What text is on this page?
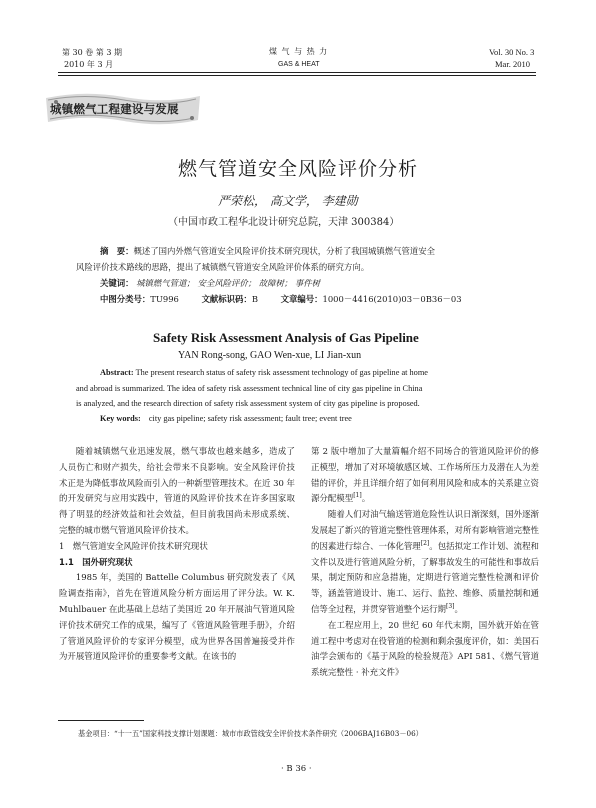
第 30 卷 第 3 期
2010 年 3 月
煤 气 与 热 力
GAS & HEAT
Vol. 30 No. 3
Mar. 2010
城镇燃气工程建设与发展
燃气管道安全风险评价分析
严荣松， 高文学， 李建勋
（中国市政工程华北设计研究总院，天津 300384）
摘　要：概述了国内外燃气管道安全风险评价技术研究现状，分析了我国城镇燃气管道安全
风险评价技术路线的思路，提出了城镇燃气管道安全风险评价体系的研究方向。
关键词： 城镇燃气管道； 安全风险评价； 故障树； 事件树
中图分类号：TU996	文献标识码：B	文章编号：1000－4416(2010)03－0B36－03
Safety Risk Assessment Analysis of Gas Pipeline
YAN Rong-song, GAO Wen-xue, LI Jian-xun
Abstract: The present research status of safety risk assessment technology of gas pipeline at home
and abroad is summarized. The idea of safety risk assessment technical line of city gas pipeline in China
is analyzed, and the research direction of safety risk assessment system of city gas pipeline is proposed.
Key words: city gas pipeline; safety risk assessment; fault tree; event tree

随着城镇燃气业迅速发展，燃气事故也越来越多，造成了人员伤亡和财产损失，给社会带来不良影响。安全风险评价技术正是为降低事故风险而引入的一种新型管理技术。在近 30 年的开发研究与应用实践中，管道的风险评价技术在许多国家取得了明显的经济效益和社会效益，但目前我国尚未形成系统、完整的城市燃气管道风险评价技术。

1　燃气管道安全风险评价技术研究现状

1.1　国外研究现状

1985 年，美国的 Battelle Columbus 研究院发表了《风险调查指南》，首先在管道风险分析方面运用了评分法。W. K. Muhlbauer 在此基础上总结了美国近 20 年开展油气管道风险评价技术研究工作的成果，编写了《管道风险管理手册》，介绍了管道风险评价的专家评分模型，成为世界各国普遍接受并作为开展管道风险评价的重要参考文献。在该书的

第 2 版中增加了大量篇幅介绍不同场合的管道风险评价的修正模型，增加了对环境敏感区域、工作场所压力及潜在人为差错的评价，并且详细介绍了如何利用风险和成本的关系建立资源分配模型[1]。

随着人们对油气输送管道危险性认识日渐深刻，国外逐渐发展起了新兴的管道完整性管理体系，对所有影响管道完整性的因素进行综合、一体化管理[2]。包括拟定工作计划、流程和文件以及进行管道风险分析，了解事故发生的可能性和事故后果，制定预防和应急措施，定期进行管道完整性检测和评价等，涵盖管道设计、施工、运行、监控、维修、质量控制和通信等全过程，并贯穿管道整个运行期[3]。

在工程应用上，20 世纪 60 年代末期，国外就开始在管道工程中考虑对在役管道的检测和剩余强度评价，如：美国石油学会颁布的《基于风险的检验规范》API 581、《燃气管道系统完整性 · 补充文件》

基金项目：“十一五”国家科技支撑计划课题：城市市政管线安全评价技术条件研究（2006BAJ16B03－06）
· B 36 ·
